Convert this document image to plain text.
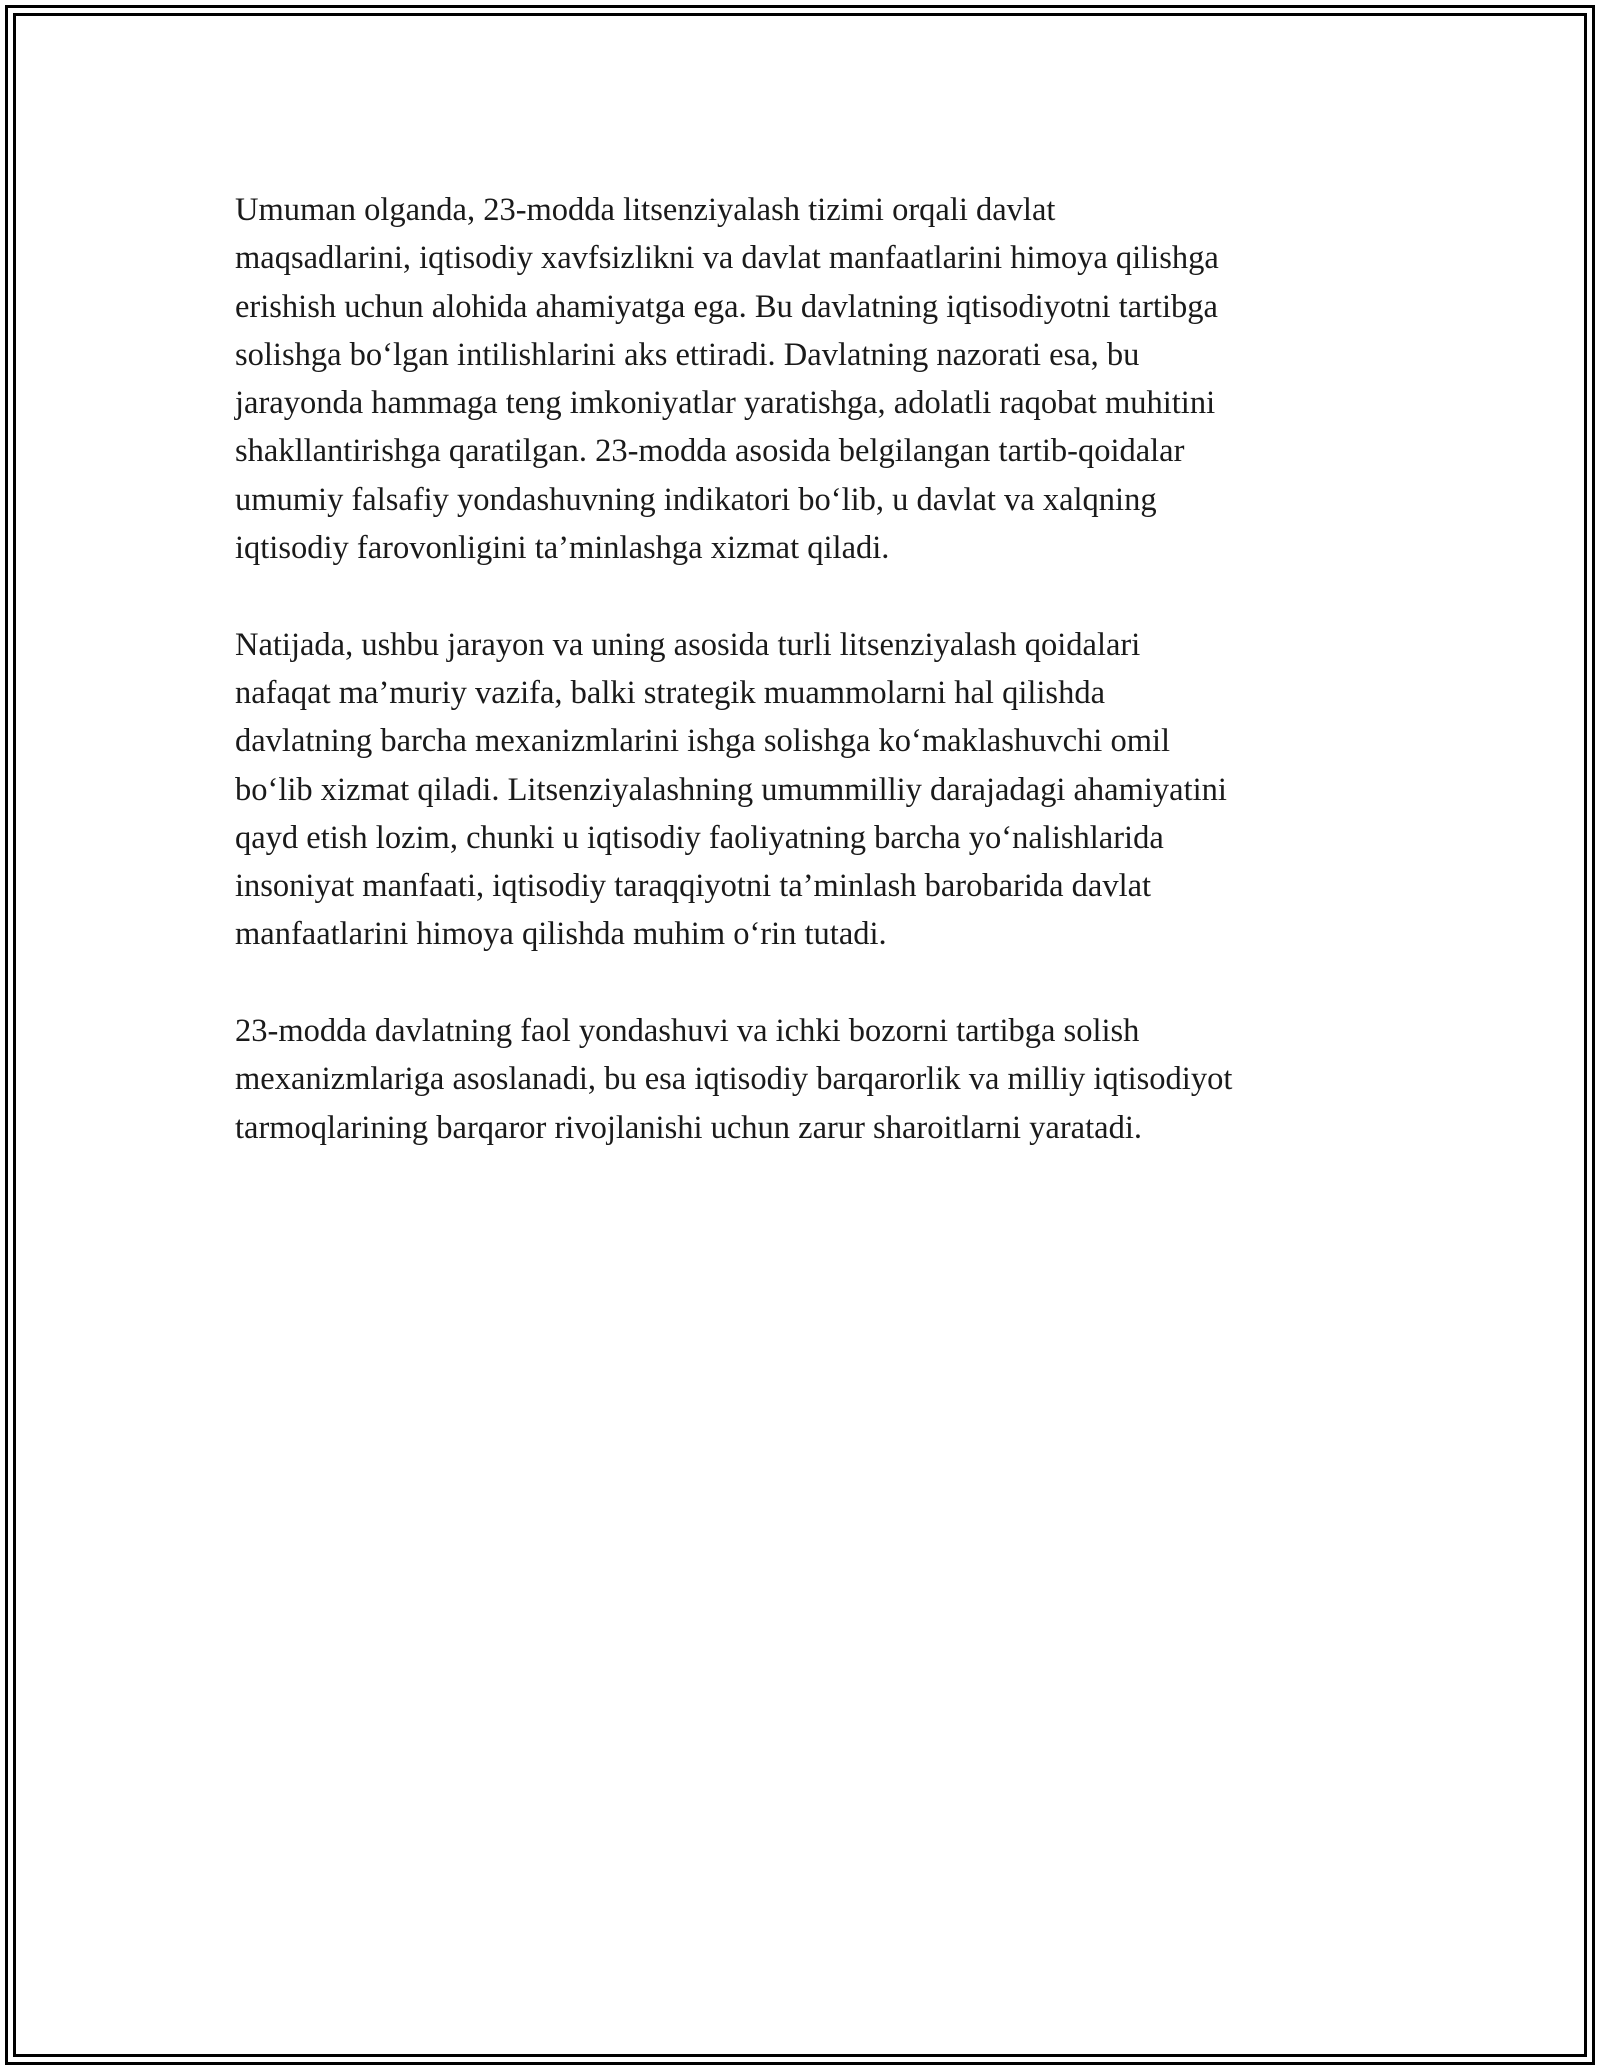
Umuman olganda, 23-modda litsenziyalash tizimi orqali davlat
maqsadlarini, iqtisodiy xavfsizlikni va davlat manfaatlarini himoya qilishga
erishish uchun alohida ahamiyatga ega. Bu davlatning iqtisodiyotni tartibga
solishga bo‘lgan intilishlarini aks ettiradi. Davlatning nazorati esa, bu
jarayonda hammaga teng imkoniyatlar yaratishga, adolatli raqobat muhitini
shakllantirishga qaratilgan. 23-modda asosida belgilangan tartib-qoidalar
umumiy falsafiy yondashuvning indikatori bo‘lib, u davlat va xalqning
iqtisodiy farovonligini ta’minlashga xizmat qiladi.

Natijada, ushbu jarayon va uning asosida turli litsenziyalash qoidalari
nafaqat ma’muriy vazifa, balki strategik muammolarni hal qilishda
davlatning barcha mexanizmlarini ishga solishga ko‘maklashuvchi omil
bo‘lib xizmat qiladi. Litsenziyalashning umummilliy darajadagi ahamiyatini
qayd etish lozim, chunki u iqtisodiy faoliyatning barcha yo‘nalishlarida
insoniyat manfaati, iqtisodiy taraqqiyotni ta’minlash barobarida davlat
manfaatlarini himoya qilishda muhim o‘rin tutadi.

23-modda davlatning faol yondashuvi va ichki bozorni tartibga solish
mexanizmlariga asoslanadi, bu esa iqtisodiy barqarorlik va milliy iqtisodiyot
tarmoqlarining barqaror rivojlanishi uchun zarur sharoitlarni yaratadi.
